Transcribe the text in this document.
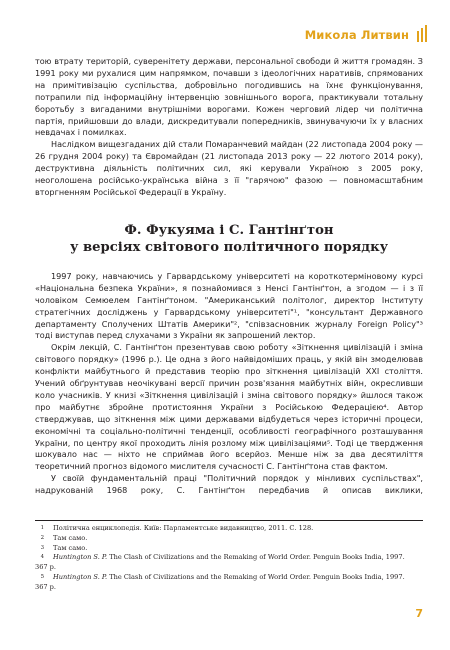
Микола Литвин

тою втрату територій, суверенітету держави, персональної свободи й життя громадян. З 1991 року ми рухалися цим напрямком, почавши з ідеологічних наративів, спрямованих на примітивізацію суспільства, добровільно погодившись на їхнє функціонування, потрапили під інформаційну інтервенцію зовнішнього ворога, практикували тотальну боротьбу з вигаданими внутрішніми ворогами. Кожен черговий лідер чи політична партія, прийшовши до влади, дискредитували попередників, звинувачуючи їх у власних невдачах і помилках.

Наслідком вищезгаданих дій стали Помаранчевий майдан (22 листопада 2004 року — 26 грудня 2004 року) та Євромайдан (21 листопада 2013 року — 22 лютого 2014 року), деструктивна діяльність політичних сил, які керували Україною з 2005 року, неоголошена російсько-українська війна з її "гарячою" фазою — повномасштабним вторгненням Російської Федерації в Україну.

Ф. Фукуяма і С. Гантінґтон
у версіях світового політичного порядку

1997 року, навчаючись у Гарвардському університеті на короткотерміновому курсі «Національна безпека України», я познайомився з Ненсі Гантінґтон, а згодом — і з її чоловіком Семюелем Гантінґтоном. "Американський політолог, директор Інституту стратегічних досліджень у Гарвардському університеті"¹, "консультант Державного департаменту Сполучених Штатів Америки"², "співзасновник журналу Foreign Policy"³ тоді виступав перед слухачами з України як запрошений лектор.

Окрім лекцій, С. Гантінґтон презентував свою роботу «Зіткнення цивілізацій і зміна світового порядку» (1996 р.). Це одна з його найвідоміших праць, у якій він змоделював конфлікти майбутнього й представив теорію про зіткнення цивілізацій XXI століття. Учений обґрунтував неочікувані версії причин розв'язання майбутніх війн, окресливши коло учасників. У книзі «Зіткнення цивілізацій і зміна світового порядку» йшлося також про майбутнє збройне протистояння України з Російською Федерацією⁴. Автор стверджував, що зіткнення між цими державами відбудеться через історичні процеси, економічні та соціально-політичні тенденції, особливості географічного розташування України, по центру якої проходить лінія розлому між цивілізаціями⁵. Тоді це твердження шокувало нас — ніхто не сприймав його всерйоз. Менше ніж за два десятиліття теоретичний прогноз відомого мислителя сучасності С. Гантінґтона став фактом.

У своїй фундаментальній праці "Політичний порядок у мінливих суспільствах", надрукованій 1968 року, С. Гантінґтон передбачив й описав виклики,

1	Політична енциклопедія. Київ: Парламентське видавництво, 2011. С. 128.
2	Там само.
3	Там само.
4	Huntington S. P. The Clash of Civilizations and the Remaking of World Order. Penguin Books India, 1997.
367 p.
5	Huntington S. P. The Clash of Civilizations and the Remaking of World Order. Penguin Books India, 1997.
367 p.
7
